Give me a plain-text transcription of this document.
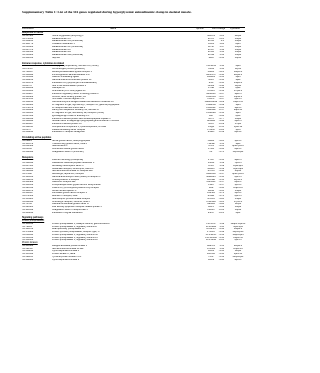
Supplementary Table 1: List of the 316 genes regulated during hyperglycemic euinsulinemic clamp in skeletal muscle.
cIDCloneID	Name	Symbol	Fold Change Cytoband
Response to stress
Hs.517581	Heme oxygenase (decycling) 1	HMOX1	3.81	22q12
Hs.374950	Metallothionein 1X	MT1X	2.25	16q13
Hs.418241	Metallothionein 1A (functional)	MT1A	2.0	16q13
Hs.148778	Oxidation resistance 1	OXR1	1.86	8q23
Hs.513626	Metallothionein 1F (functional)	MT1F	1.47	16q13
Hs.647370	Metallothionein 1H	MT1H	1.42	16q13
Hs.534330	Metallothionein 2A	MT2A	1.36	16q13
Hs.513626	Metallothionein 1E (functional)	MT1E	1.32	16q13
Hs.439552	Seprine	SMN	-1.36	19p13
Immune response, cytokines & related
Hs.478275	TNF (ligand) superfamily, member 10 (TRAIL)	TNFSF10	1.58	3q26
Hs.272537	CD59 antigen p18-20 (protectin)	CD59	1.34	11p13
Hs.728657	Leukocyte-associated Ig-like receptor 1	LAIR1	-1.21	19q13.4
Hs.530996	Immunoglobulin lambda variable 6-57	IGLV6-57	-1.40	22q11.2
Hs.535896	Calcium modulating ligand	CAMLG	-1.41	5q23
Hs.380250	Gamma-interferon-inducible protein 16	IFI16	-1.43	1q22
Hs.505676	Interleukin 16 (lymphocyte chemoattractant)	IL16	-1.45	15q26.3
Hs.88778	Nuk 2 cell differentiation protein 2	NINJ2	-1.48	12p13
Hs.408659	Cathepsin B	CTSB	-1.49	8p22
Hs.655934	Chemokine (C-C motif) ligand 14	CCL14	-1.52	17q11.2
Hs.533287	Interferon regulatory factor 2 binding protein 2	IRF2BP2	-1.67	1q42.3
Hs.500409	Coronin, actin binding protein, 1A	CORO1A	-1.67	16p11.2
Hs.567241	HLA class I mRNA fragment 3.4	HLA-C	-1.67	6p21.3
Hs.159141	Carcinoembryonic antigen-related cell adhesion molecule 19	CEACAM19 -1.89	19q13.31
Hs.526464	Fc fragment of IgE, high affinity I, receptor for, gamma polypeptide	FCER1G	-1.99	1q23
Hs.372679	Fc receptor-like and mucin-like 1	FCRLM1	-2.03	1q23.1
Hs.410909	Family with sequence similarity 49, member B	FAM49B	-2.17	8q24.21
Hs.510635	Fc fragment of IgG, low affinity IIa, receptor (CD32)	FCGR2A	-1.56	1q23
Hs.647068	IgG-kappa light chain of antibody 2.1	IGK	-1.66	2p12
Hs.504048	Interferon-induced protein with tetratricopeptide repeats 3	IFIT3	-1.77	10q23
Hs.528890	Nuclear factor of kappa light polypeptide gene enhancer in B-cells	NFKBIZ	-1.92	3q12.3
Hs.483867	Interferon-induced protein 35	IFI35	-2.09	17q21
Hs.522112	Complement component 1, q subcomponent, B chain	C1QB	-2.15	1p36.12
Hs.2173	Platelet activating factor receptor	PTAFR	-2.28	1p35
Hs.418291	Interleukin 1 receptor antagonist	IL1RN	-2.39	2q14.2
Circulating active peptides
Hs.29921	Nerve growth factor, beta polypeptide	NGFB	-1.85	1p13.1
Hs.133379	Transforming growth factor, beta 2	TGFB2	1.51	1q41
Hs.234469	Stanniocalcin 1	STC1	-1.61	8p21-p11.2
Hs.21545	Connective tissue growth factor	CTGF	-1.66	6q23.1
Hs.412946	Coagulation factor II (thrombin)	F2	-1.70	11p11-q12
Receptors
Hs.464263	Patched homolog (Drosophila)	PTCH	-1.41	9q22.3
Hs.529096	Vasoactive intestinal peptide transducer 2	VIPR2	1.39	7q36.3
Hs.247433	Activating transcription factor 6	ATF6	1.39	1q22-q23
Hs.130181	Glutamate receptor, ionotrophic, AMPA 3	GRIA3	-1.39	Xq25-q26
Hs.590994	Serine/threonine kinase 35 receptor-like	STK35	-1.44	20p13
Hs.37008	Adrenergic, alpha-1A-, receptor	ADRA1A	-1.47	8p21-p11.2
Hs.123036	Gamma-aminobutyric acid (GABA) B receptor 1	GABBR1	-1.50	6p21.3
Hs.512234	Cholecystokinin B receptor	CCKBR	-1.53	11p15.4
Hs.434488	Calcitonin receptor-like	CALCRL	-1.57	2q32.1
Hs.301956	Phosphatidylinositol glycan anchor biosynthesis	PIGK	-1.57	1p31.1
Hs.495512	Vitamin D (1,25-dihydroxyvitamin D3) receptor	VDR	-1.60	12q13.11
Hs.466870	Growth arrest-specific 6	GAS6	-1.65	13q34
Hs.388347	Fibroblast growth factor receptor 4	FGFR4	-1.76	5q35.1
Hs.272509	Retinoid X receptor, beta	RXRB	-1.78	6p21.3
Hs.155885	Neurotrophic tyrosine kinase receptor	NTRK3	-1.80	15q25
Hs.249344	Cholinergic receptor, nicotinic, beta 1	CHRNB1	-1.81	17p13.1
Hs.73793	Vascular endothelial growth factor B	VEGFB	-1.88	11q13
Hs.495403	Low density lipoprotein receptor-related protein 3	LRP3	-1.99	19q12
Hs.103419	Coagulation factor II receptor-like 3	F2RL3	-2.02	19p12
Hs.443296	Interleukin 6 signal transducer	IL6ST	-2.21	5q11
Signaling pathways
Protein phosphatases
Hs.106019	Protein phosphatase 1, catalytic subunit, gamma isoform	PPP1CC	1.49	12q24.1-q24.2
Hs.79081	Protein phosphatase 2, regulatory subunit B	PPP2R2B	1.45	5q31-q32
Hs.126782	Dual specificity phosphatase 13	DUSP13	-1.42	10q22.2
Hs.170688	Protein tyrosine phosphatase, receptor type, O	PTPRO	-1.49	12p13-p12
Hs.210093	Protein phosphatase 1, regulatory subunit 3C	PPP1R3C	-1.52	10q23-q24
Hs.533616	Protein phosphatase 1, regulatory subunit 13	PPP1R13B -1.58	14q32.33
Hs.509302	Protein phosphatase 1, regulatory subunit 10	PPP1R10	-2.05	6p21.3
Protein kinases
Hs.433468	Mitogen-activated protein kinase 1	MAPK1	1.51	22q11.2
Hs.591597	Serine/threonine kinase 38 like	STK38L	1.42	12p11.23
Hs.368290	Cyclin-dependent kinase 2	CDK2	-1.41	12q13
Hs.155342	Protein kinase C, delta	PRKCD	-1.43	3p21.31
Hs.591161	Tyrosine-protein kinase HCK	HCK	-1.52	20q11-q12
Hs.584864	Cyclin-dependent kinase 9	CDK9	-1.60	9q34.1
